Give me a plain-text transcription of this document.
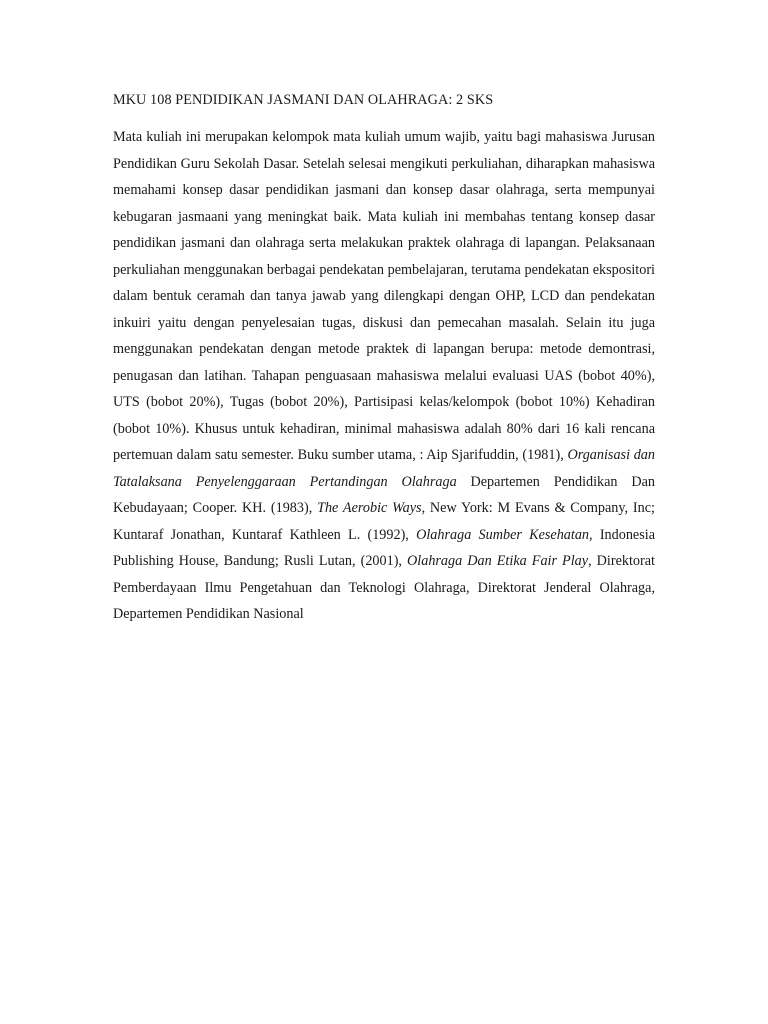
MKU 108 PENDIDIKAN JASMANI DAN OLAHRAGA: 2 SKS

Mata kuliah ini merupakan kelompok mata kuliah umum wajib, yaitu bagi mahasiswa Jurusan Pendidikan Guru Sekolah Dasar. Setelah selesai mengikuti perkuliahan, diharapkan mahasiswa memahami konsep dasar pendidikan jasmani dan konsep dasar olahraga, serta mempunyai kebugaran jasmaani yang meningkat baik. Mata kuliah ini membahas tentang konsep dasar pendidikan jasmani dan olahraga serta melakukan praktek olahraga di lapangan. Pelaksanaan perkuliahan menggunakan berbagai pendekatan pembelajaran, terutama pendekatan ekspositori dalam bentuk ceramah dan tanya jawab yang dilengkapi dengan OHP, LCD dan pendekatan inkuiri yaitu dengan penyelesaian tugas, diskusi dan pemecahan masalah. Selain itu juga menggunakan pendekatan dengan metode praktek di lapangan berupa: metode demontrasi, penugasan dan latihan. Tahapan penguasaan mahasiswa melalui evaluasi UAS (bobot 40%), UTS (bobot 20%), Tugas (bobot 20%), Partisipasi kelas/kelompok (bobot 10%) Kehadiran (bobot 10%). Khusus untuk kehadiran, minimal mahasiswa adalah 80% dari 16 kali rencana pertemuan dalam satu semester. Buku sumber utama, : Aip Sjarifuddin, (1981), Organisasi dan Tatalaksana Penyelenggaraan Pertandingan Olahraga Departemen Pendidikan Dan Kebudayaan; Cooper. KH. (1983), The Aerobic Ways, New York: M Evans & Company, Inc; Kuntaraf Jonathan, Kuntaraf Kathleen L. (1992), Olahraga Sumber Kesehatan, Indonesia Publishing House, Bandung; Rusli Lutan, (2001), Olahraga Dan Etika Fair Play, Direktorat Pemberdayaan Ilmu Pengetahuan dan Teknologi Olahraga, Direktorat Jenderal Olahraga, Departemen Pendidikan Nasional
